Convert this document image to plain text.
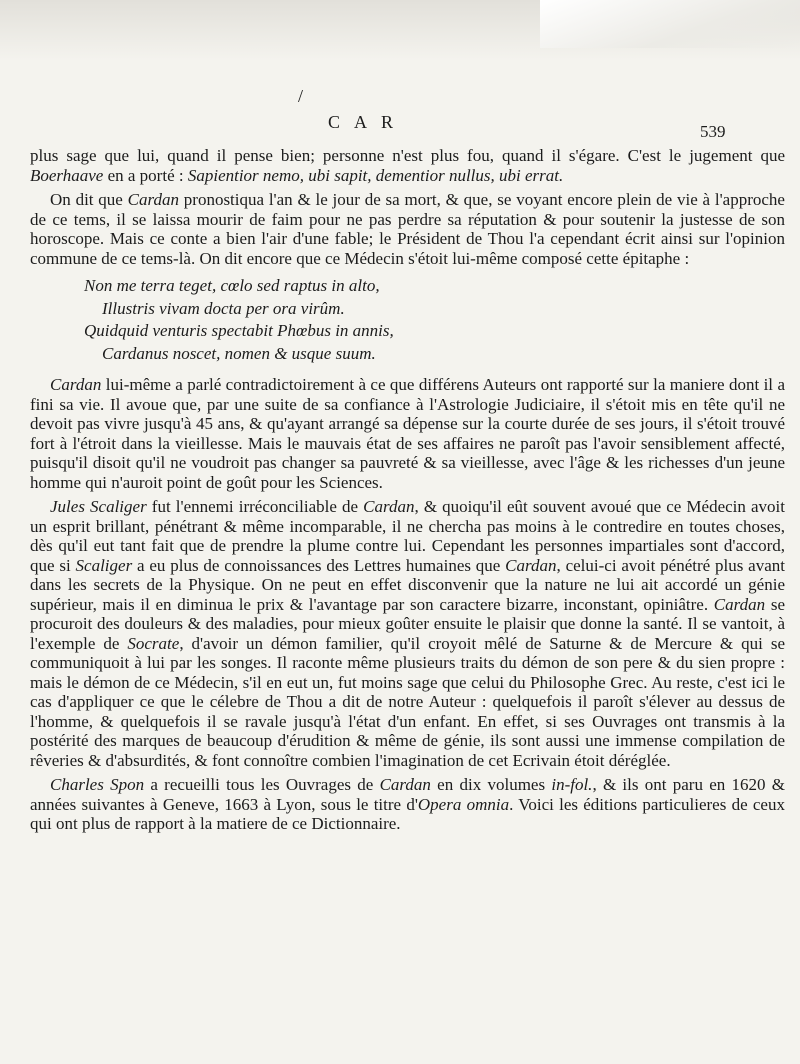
/
CAR	539

plus sage que lui, quand il pense bien; personne n'est plus fou, quand il s'égare. C'est le jugement que Boerhaave en a porté : Sapientior nemo, ubi sapit, dementior nullus, ubi errat.

On dit que Cardan pronostiqua l'an & le jour de sa mort, & que, se voyant encore plein de vie à l'approche de ce tems, il se laissa mourir de faim pour ne pas perdre sa réputation & pour soutenir la justesse de son horoscope. Mais ce conte a bien l'air d'une fable; le Président de Thou l'a cependant écrit ainsi sur l'opinion commune de ce tems-là. On dit encore que ce Médecin s'étoit lui-même composé cette épitaphe :

Non me terra teget, cœlo sed raptus in alto,
Illustris vivam docta per ora virûm.
Quidquid venturis spectabit Phœbus in annis,
Cardanus noscet, nomen & usque suum.

Cardan lui-même a parlé contradictoirement à ce que différens Auteurs ont rapporté sur la maniere dont il a fini sa vie. Il avoue que, par une suite de sa confiance à l'Astrologie Judiciaire, il s'étoit mis en tête qu'il ne devoit pas vivre jusqu'à 45 ans, & qu'ayant arrangé sa dépense sur la courte durée de ses jours, il s'étoit trouvé fort à l'étroit dans la vieillesse. Mais le mauvais état de ses affaires ne paroît pas l'avoir sensiblement affecté, puisqu'il disoit qu'il ne voudroit pas changer sa pauvreté & sa vieillesse, avec l'âge & les richesses d'un jeune homme qui n'auroit point de goût pour les Sciences.

Jules Scaliger fut l'ennemi irréconciliable de Cardan, & quoiqu'il eût souvent avoué que ce Médecin avoit un esprit brillant, pénétrant & même incomparable, il ne chercha pas moins à le contredire en toutes choses, dès qu'il eut tant fait que de prendre la plume contre lui. Cependant les personnes impartiales sont d'accord, que si Scaliger a eu plus de connoissances des Lettres humaines que Cardan, celui-ci avoit pénétré plus avant dans les secrets de la Physique. On ne peut en effet disconvenir que la nature ne lui ait accordé un génie supérieur, mais il en diminua le prix & l'avantage par son caractere bizarre, inconstant, opiniâtre. Cardan se procuroit des douleurs & des maladies, pour mieux goûter ensuite le plaisir que donne la santé. Il se vantoit, à l'exemple de Socrate, d'avoir un démon familier, qu'il croyoit mêlé de Saturne & de Mercure & qui se communiquoit à lui par les songes. Il raconte même plusieurs traits du démon de son pere & du sien propre : mais le démon de ce Médecin, s'il en eut un, fut moins sage que celui du Philosophe Grec. Au reste, c'est ici le cas d'appliquer ce que le célebre de Thou a dit de notre Auteur : quelquefois il paroît s'élever au dessus de l'homme, & quelquefois il se ravale jusqu'à l'état d'un enfant. En effet, si ses Ouvrages ont transmis à la postérité des marques de beaucoup d'érudition & même de génie, ils sont aussi une immense compilation de rêveries & d'absurdités, & font connoître combien l'imagination de cet Ecrivain étoit déréglée.

Charles Spon a recueilli tous les Ouvrages de Cardan en dix volumes in-fol., & ils ont paru en 1620 & années suivantes à Geneve, 1663 à Lyon, sous le titre d'Opera omnia. Voici les éditions particulieres de ceux qui ont plus de rapport à la matiere de ce Dictionnaire.
